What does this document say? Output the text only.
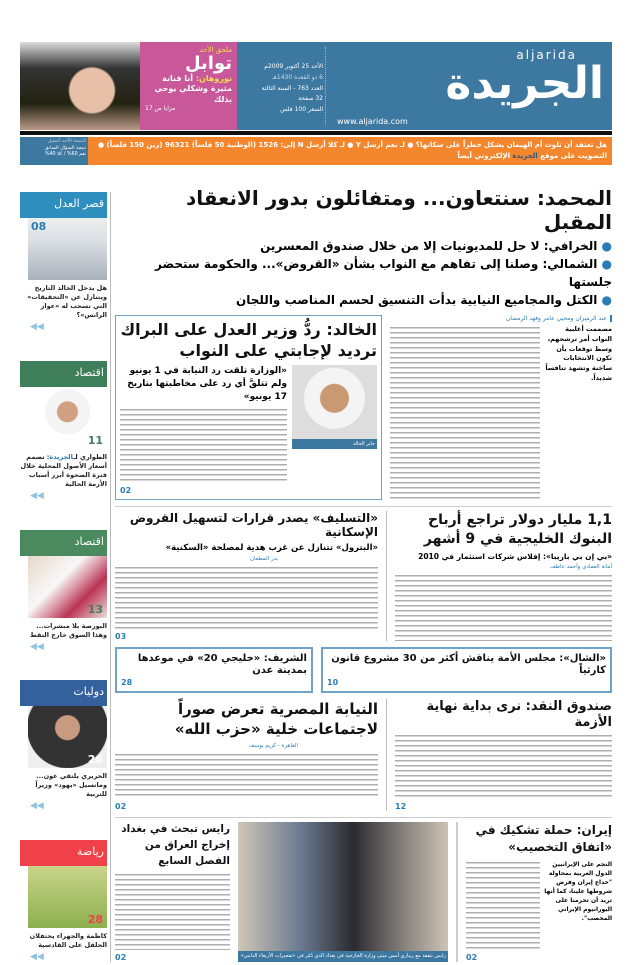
ملحق الأحد
توابل
نوروهان: أنا فنانة مثيرة وشكلي يوحي بذلك
مزايا ص 17
الأحد 25 أكتوبر 2009م
6 ذو القعدة 1430هـ
العدد 763 - السنة الثالثة
32 صفحة
السعر 100 فلس
aljarida
الجريدة
www.aljarida.com
هل تعتقد أن تلوث أم الهيمان يشكل خطراً على سكانها؟ ● لـ نعم أرسل Y ● لـ كلا أرسل N إلى: 1526 (الوطنية 50 فلساً) 96321 (زين 150 فلساً) ● التصويت على موقع الجريدة الإلكتروني أيضاً
النتيجة الأحد المقبل
نتيجة السؤال السابق
نعم 60% / كلا 40%
قصر العدل
08
هل يدخل الخالد التاريخ ويتنازل عن «التحقيقات» التي تسحب له «عواز الرانس»؟
◀◀
اقتصاد
11
الطواري لـالجريدة: نصمم أسعار الأصول المحلية خلال فترة الصحوة أبرز أسباب الأزمة الحالية
◀◀
اقتصاد
13
البورصة بلا مبشرات... وهذا السوق خارج النقط
◀◀
دوليات
26
الحريري يلتقي عون... ومانسيل «يهود» وزيراً للتربية
◀◀
رياضة
28
كاظمة والجهراء يحتفلان الحلقل على القادسية
◀◀
المحمد: سنتعاون... ومتفائلون بدور الانعقاد المقبل
● الخرافي: لا حل للمديونيات إلا من خلال صندوق المعسرين
● الشمالي: وصلنا إلى تفاهم مع النواب بشأن «القروض»... والحكومة ستحضر جلستها
● الكتل والمجاميع النيابية بدأت التنسيق لحسم المناصب واللجان
عبد الرميزان ومحيي عامر وفهد الرمضان
مصممت أغلبية النواب أمر ترشحهم، وسط توقعات بأن تكون الانتخابات ساخنة وتشهد تنافساً شديداً.
الخالد: ردُّ وزير العدل على البراك ترديد لإجابتي على النواب
جابر الخالد
«الوزارة تلقت رد النيابة في 1 يونيو ولم تتلقَّ أي رد على مخاطبتها بتاريخ 17 يونيو»
02
1,1 مليار دولار تراجع أرباح البنوك الخليجية في 9 أشهر
«بي إن بي باريبا»: إفلاس شركات استثمار في 2010
أمانة العمادي وأحمد عاطف
«التسليف» يصدر قرارات لتسهيل القروض الإسكانية
«البترول» تتنازل عن غرب هدية لمصلحة «السكنية»
بدر المطعان
03
«الشال»: مجلس الأمة يناقش أكثر من 30 مشروع قانون كارثياً
10
الشريف: «خليجي 20» في موعدها بمدينة عدن
28
صندوق النقد: نرى بداية نهاية الأزمة
12
النيابة المصرية تعرض صوراً لاجتماعات خلية «حزب الله»
القاهرة - كريم يوسف
02
إيران: حملة تشكيك في «اتفاق التخصيب»
النجم على الإيرانيين الدول الغربية بمحاولة "خداع إيران وفرض شروطها علينا، كما أنها تريد أن تحرمنا على اليورانيوم الإيراني المخصب".
02
رايس تتفقد مع زيباري أمس مبنى وزارة الخارجية في بغداد الذي دُمّر في «تفجيرات الأربعاء الدامي»
رايس تبحث في بغداد إخراج العراق من الفصل السابع
02
